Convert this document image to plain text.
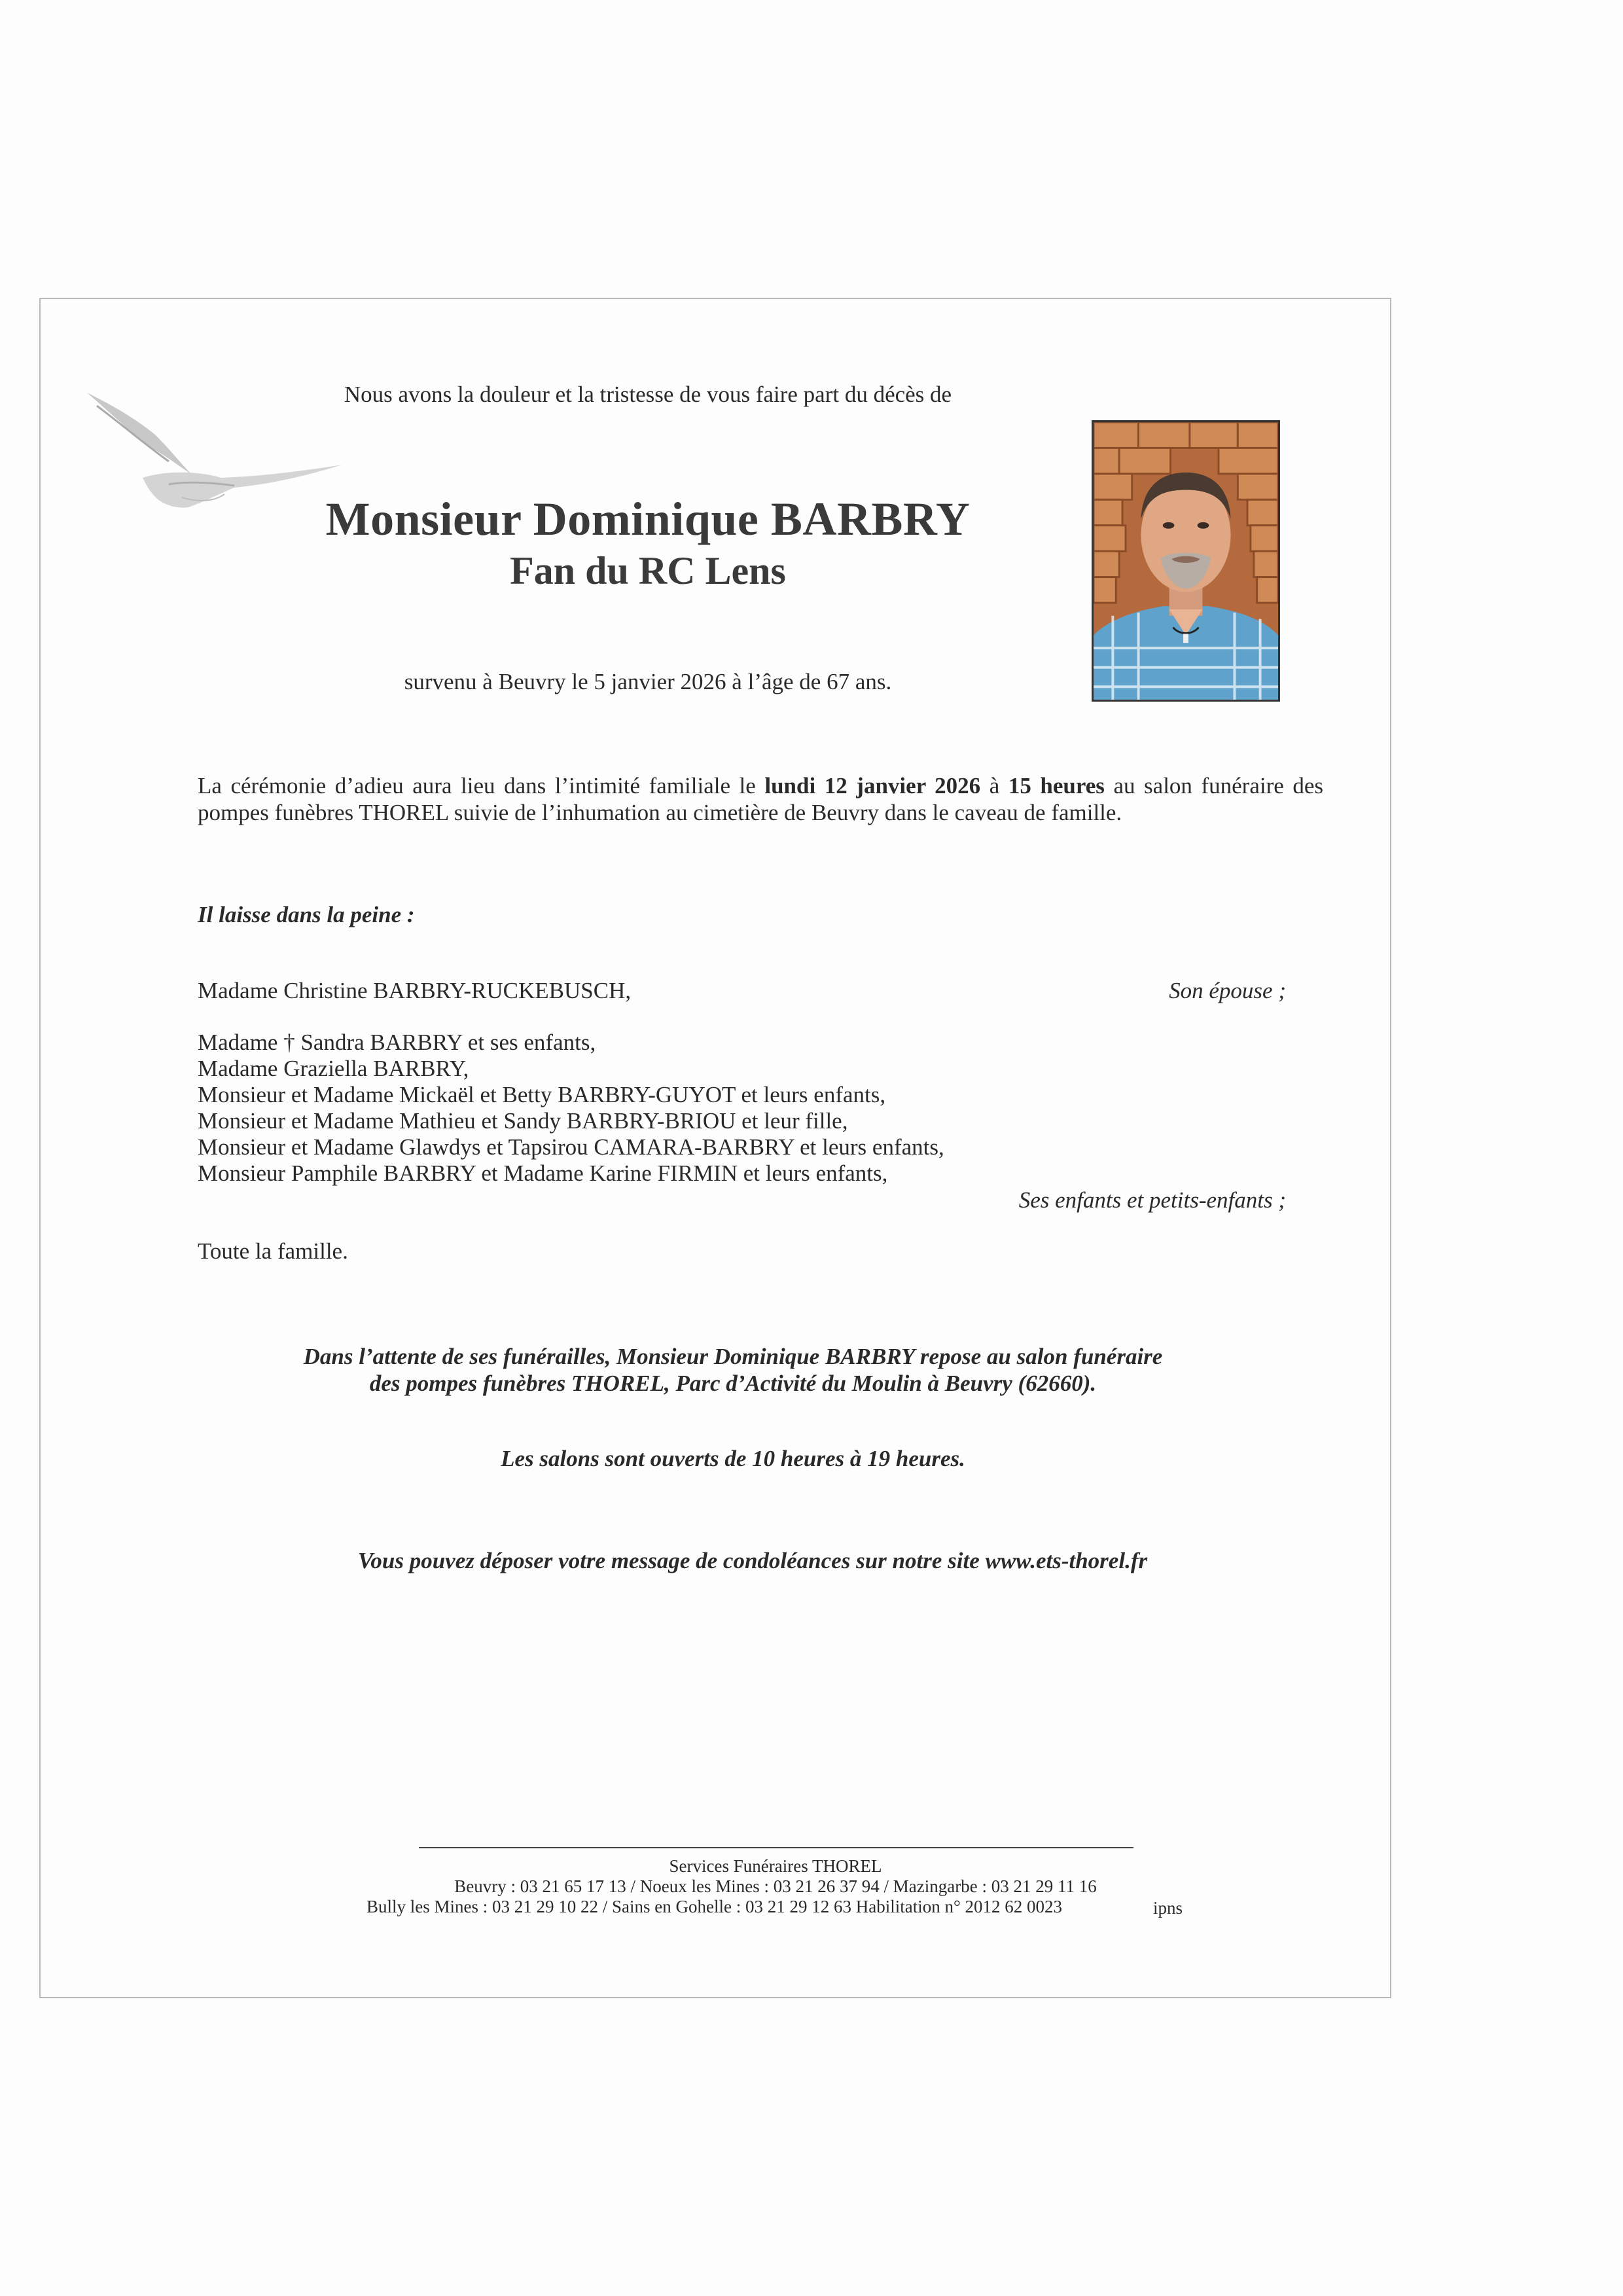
Nous avons la douleur et la tristesse de vous faire part du décès de
Monsieur Dominique BARBRY
Fan du RC Lens
survenu à Beuvry le 5 janvier 2026 à l’âge de 67 ans.
La cérémonie d’adieu aura lieu dans l’intimité familiale le lundi 12 janvier 2026 à 15 heures au salon funéraire des pompes funèbres THOREL suivie de l’inhumation au cimetière de Beuvry dans le caveau de famille.
Il laisse dans la peine :
Madame Christine BARBRY-RUCKEBUSCH,	Son épouse ;
Madame † Sandra BARBRY et ses enfants,
Madame Graziella BARBRY,
Monsieur et Madame Mickaël et Betty BARBRY-GUYOT et leurs enfants,
Monsieur et Madame Mathieu et Sandy BARBRY-BRIOU et leur fille,
Monsieur et Madame Glawdys et Tapsirou CAMARA-BARBRY et leurs enfants,
Monsieur Pamphile BARBRY et Madame Karine FIRMIN et leurs enfants,
Ses enfants et petits-enfants ;
Toute la famille.
Dans l’attente de ses funérailles, Monsieur Dominique BARBRY repose au salon funéraire
des pompes funèbres THOREL, Parc d’Activité du Moulin à Beuvry (62660).
Les salons sont ouverts de 10 heures à 19 heures.
Vous pouvez déposer votre message de condoléances sur notre site www.ets-thorel.fr
Services Funéraires THOREL
Beuvry : 03 21 65 17 13 / Noeux les Mines : 03 21 26 37 94 / Mazingarbe : 03 21 29 11 16
Bully les Mines : 03 21 29 10 22 / Sains en Gohelle : 03 21 29 12 63 Habilitation n° 2012 62 0023	ipns
